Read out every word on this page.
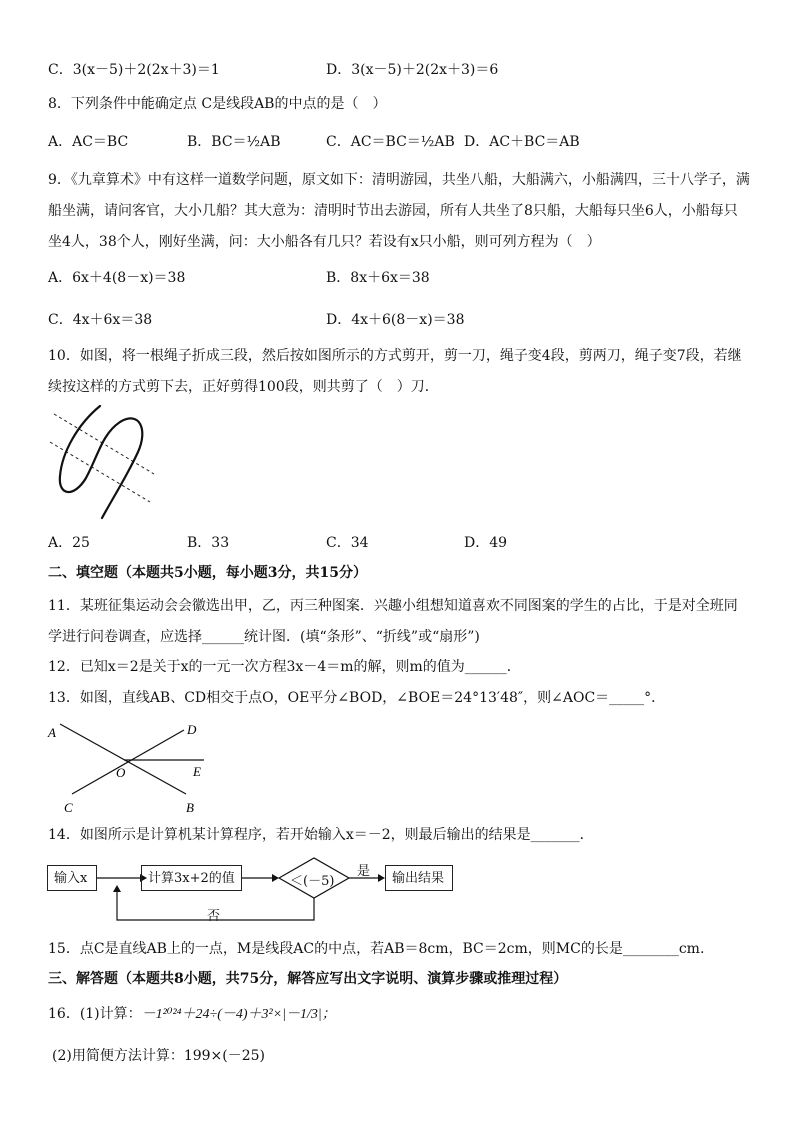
C．3(x－5)＋2(2x＋3)＝1	D．3(x－5)＋2(2x＋3)＝6
8．下列条件中能确定点 C是线段AB的中点的是（　）
A．AC＝BC	B．BC＝½AB	C．AC＝BC＝½AB D．AC＋BC＝AB
9．《九章算术》中有这样一道数学问题，原文如下：清明游园，共坐八船，大船满六，小船满四，三十八学子，满
船坐满，请问客官，大小几船？其大意为：清明时节出去游园，所有人共坐了8只船，大船每只坐6人，小船每只
坐4人，38个人，刚好坐满，问：大小船各有几只？若设有x只小船，则可列方程为（　）
A．6x＋4(8－x)＝38	B．8x＋6x＝38
C．4x＋6x＝38	D．4x＋6(8－x)＝38
10．如图，将一根绳子折成三段，然后按如图所示的方式剪开，剪一刀，绳子变4段，剪两刀，绳子变7段，若继
续按这样的方式剪下去，正好剪得100段，则共剪了（　）刀．
A．25	B．33	C．34	D．49
二、填空题（本题共5小题，每小题3分，共15分）
11．某班征集运动会会徽选出甲，乙，丙三种图案．兴趣小组想知道喜欢不同图案的学生的占比，于是对全班同
学进行问卷调查，应选择______统计图．(填“条形”、“折线”或“扇形”)
12．已知x＝2是关于x的一元一次方程3x－4＝m的解，则m的值为______．
13．如图，直线AB、CD相交于点O，OE平分∠BOD，∠BOE＝24°13′48″，则∠AOC＝_____°．
A	D
O	E
C	B
14．如图所示是计算机某计算程序，若开始输入x＝－2，则最后输出的结果是_______．
输入x	计算3x+2的值	＜(－5)
是	输出结果
否
15．点C是直线AB上的一点，M是线段AC的中点，若AB＝8cm，BC＝2cm，则MC的长是________cm.
三、解答题（本题共8小题，共75分，解答应写出文字说明、演算步骤或推理过程）
16．(1)计算：－1²⁰²⁴＋24÷(－4)＋3²×|－1/3|；
(2)用简便方法计算：199×(－25)
